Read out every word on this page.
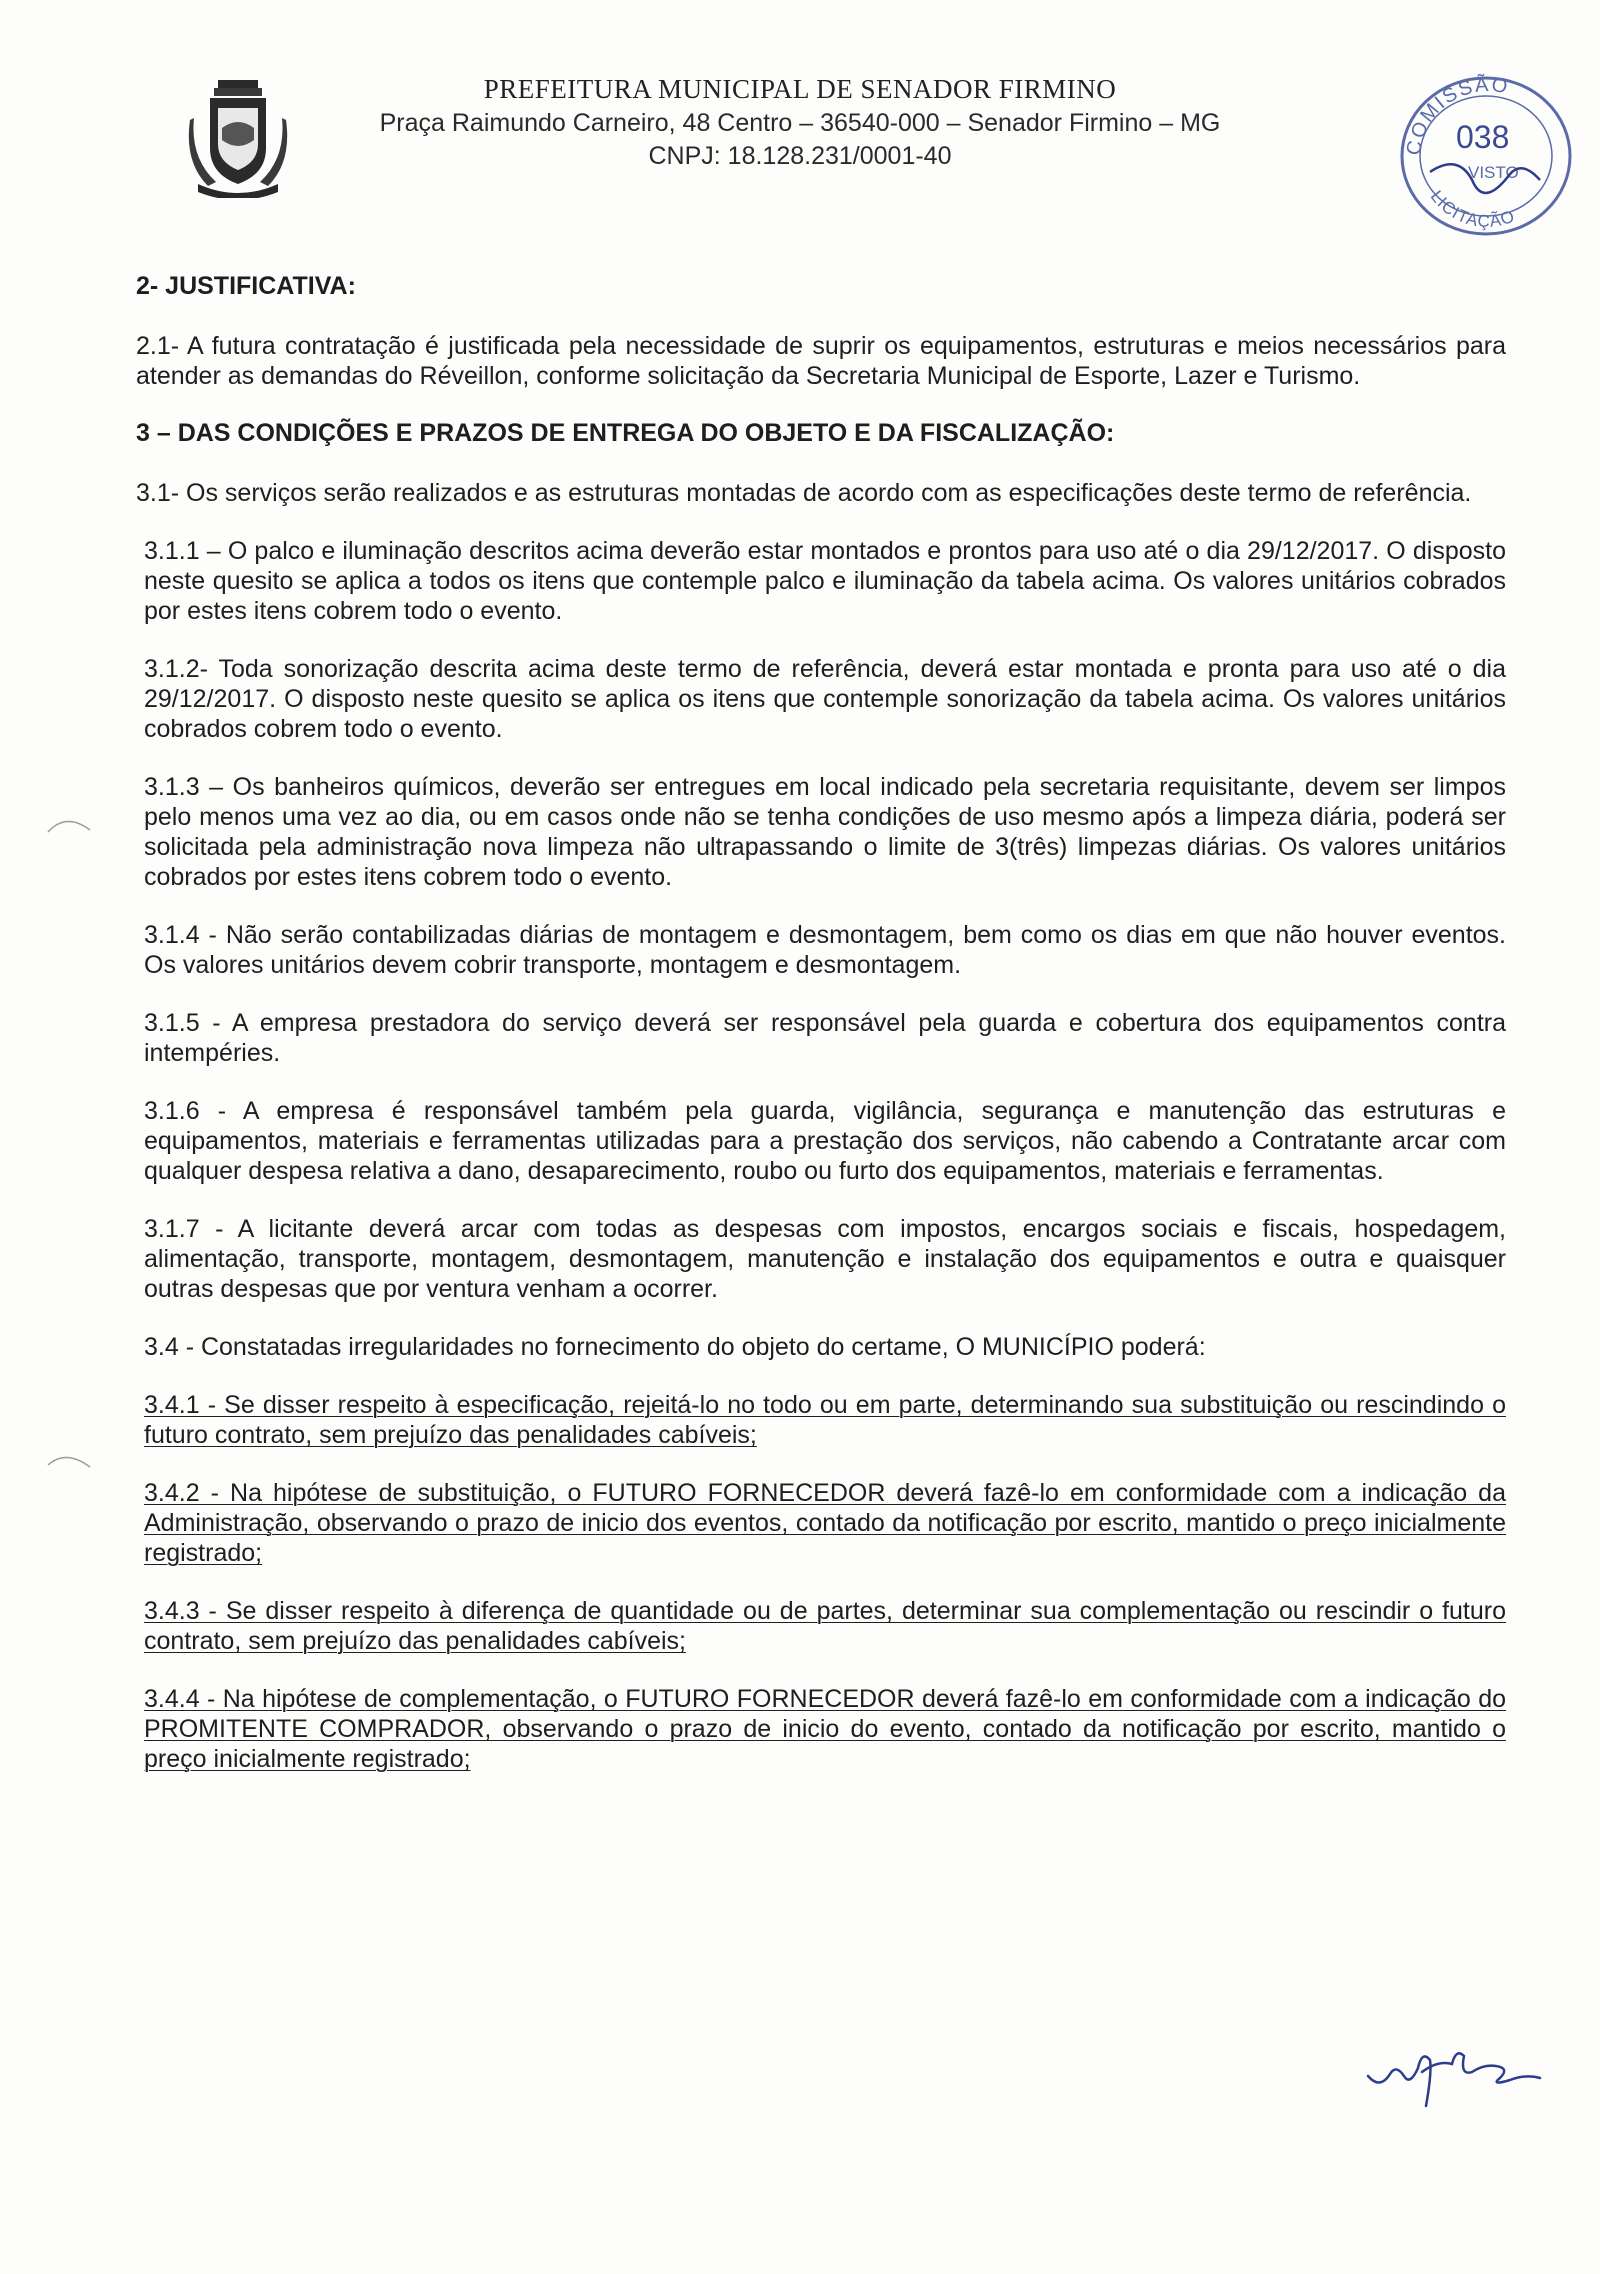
PREFEITURA MUNICIPAL DE SENADOR FIRMINO
Praça Raimundo Carneiro, 48 Centro – 36540-000 – Senador Firmino – MG
CNPJ: 18.128.231/0001-40	COMISSÃO
038
VISTO
LICITAÇÃO
2- JUSTIFICATIVA:

2.1- A futura contratação é justificada pela necessidade de suprir os equipamentos, estruturas e meios necessários para atender as demandas do Réveillon, conforme solicitação da Secretaria Municipal de Esporte, Lazer e Turismo.

3 – DAS CONDIÇÕES E PRAZOS DE ENTREGA DO OBJETO E DA FISCALIZAÇÃO:

3.1- Os serviços serão realizados e as estruturas montadas de acordo com as especificações deste termo de referência.

3.1.1 – O palco e iluminação descritos acima deverão estar montados e prontos para uso até o dia 29/12/2017. O disposto neste quesito se aplica a todos os itens que contemple palco e iluminação da tabela acima. Os valores unitários cobrados por estes itens cobrem todo o evento.

3.1.2- Toda sonorização descrita acima deste termo de referência, deverá estar montada e pronta para uso até o dia 29/12/2017. O disposto neste quesito se aplica os itens que contemple sonorização da tabela acima. Os valores unitários cobrados cobrem todo o evento.

3.1.3 – Os banheiros químicos, deverão ser entregues em local indicado pela secretaria requisitante, devem ser limpos pelo menos uma vez ao dia, ou em casos onde não se tenha condições de uso mesmo após a limpeza diária, poderá ser solicitada pela administração nova limpeza não ultrapassando o limite de 3(três) limpezas diárias. Os valores unitários cobrados por estes itens cobrem todo o evento.

3.1.4 - Não serão contabilizadas diárias de montagem e desmontagem, bem como os dias em que não houver eventos. Os valores unitários devem cobrir transporte, montagem e desmontagem.

3.1.5 - A empresa prestadora do serviço deverá ser responsável pela guarda e cobertura dos equipamentos contra intempéries.

3.1.6 - A empresa é responsável também pela guarda, vigilância, segurança e manutenção das estruturas e equipamentos, materiais e ferramentas utilizadas para a prestação dos serviços, não cabendo a Contratante arcar com qualquer despesa relativa a dano, desaparecimento, roubo ou furto dos equipamentos, materiais e ferramentas.

3.1.7 - A licitante deverá arcar com todas as despesas com impostos, encargos sociais e fiscais, hospedagem, alimentação, transporte, montagem, desmontagem, manutenção e instalação dos equipamentos e outra e quaisquer outras despesas que por ventura venham a ocorrer.

3.4 - Constatadas irregularidades no fornecimento do objeto do certame, O MUNICÍPIO poderá:

3.4.1 - Se disser respeito à especificação, rejeitá-lo no todo ou em parte, determinando sua substituição ou rescindindo o futuro contrato, sem prejuízo das penalidades cabíveis;

3.4.2 - Na hipótese de substituição, o FUTURO FORNECEDOR deverá fazê-lo em conformidade com a indicação da Administração, observando o prazo de inicio dos eventos, contado da notificação por escrito, mantido o preço inicialmente registrado;

3.4.3 - Se disser respeito à diferença de quantidade ou de partes, determinar sua complementação ou rescindir o futuro contrato, sem prejuízo das penalidades cabíveis;

3.4.4 - Na hipótese de complementação, o FUTURO FORNECEDOR deverá fazê-lo em conformidade com a indicação do PROMITENTE COMPRADOR, observando o prazo de inicio do evento, contado da notificação por escrito, mantido o preço inicialmente registrado;
